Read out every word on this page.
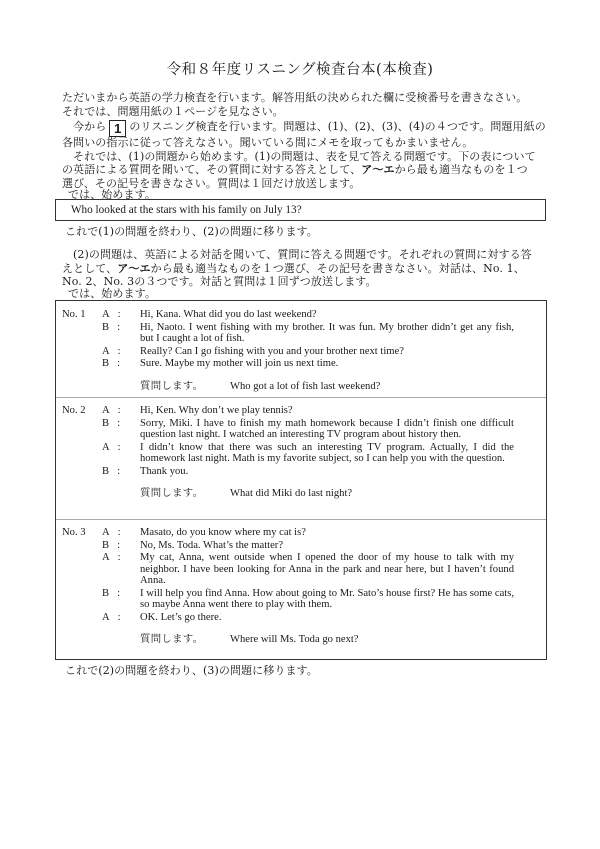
令和８年度リスニング検査台本(本検査)
ただいまから英語の学力検査を行います。解答用紙の決められた欄に受検番号を書きなさい。
それでは、問題用紙の１ページを見なさい。
今から 1 のリスニング検査を行います。問題は、(1)、(2)、(3)、(4)の４つです。問題用紙の
各問いの指示に従って答えなさい。聞いている間にメモを取ってもかまいません。
それでは、(1)の問題から始めます。(1)の問題は、表を見て答える問題です。下の表について
の英語による質問を聞いて、その質問に対する答えとして、ア～エから最も適当なものを１つ
選び、その記号を書きなさい。質問は１回だけ放送します。
では、始めます。
Who looked at the stars with his family on July 13?
これで(1)の問題を終わり、(2)の問題に移ります。
(2)の問題は、英語による対話を聞いて、質問に答える問題です。それぞれの質問に対する答
えとして、ア～エから最も適当なものを１つ選び、その記号を書きなさい。対話は、No. 1、
No. 2、No. 3の３つです。対話と質問は１回ずつ放送します。
では、始めます。
No. 1	A :	Hi, Kana. What did you do last weekend?
B :	Hi, Naoto. I went fishing with my brother. It was fun. My brother didn’t get any fish, but I caught a lot of fish.
A :	Really? Can I go fishing with you and your brother next time?
B :	Sure. Maybe my mother will join us next time.
質問します。	Who got a lot of fish last weekend?
No. 2	A :	Hi, Ken. Why don’t we play tennis?
B :	Sorry, Miki. I have to finish my math homework because I didn’t finish one difficult question last night. I watched an interesting TV program about history then.
A :	I didn’t know that there was such an interesting TV program. Actually, I did the homework last night. Math is my favorite subject, so I can help you with the question.
B :	Thank you.
質問します。	What did Miki do last night?
No. 3	A :	Masato, do you know where my cat is?
B :	No, Ms. Toda. What’s the matter?
A :	My cat, Anna, went outside when I opened the door of my house to talk with my neighbor. I have been looking for Anna in the park and near here, but I haven’t found Anna.
B :	I will help you find Anna. How about going to Mr. Sato’s house first? He has some cats, so maybe Anna went there to play with them.
A :	OK. Let’s go there.
質問します。	Where will Ms. Toda go next?
これで(2)の問題を終わり、(3)の問題に移ります。
